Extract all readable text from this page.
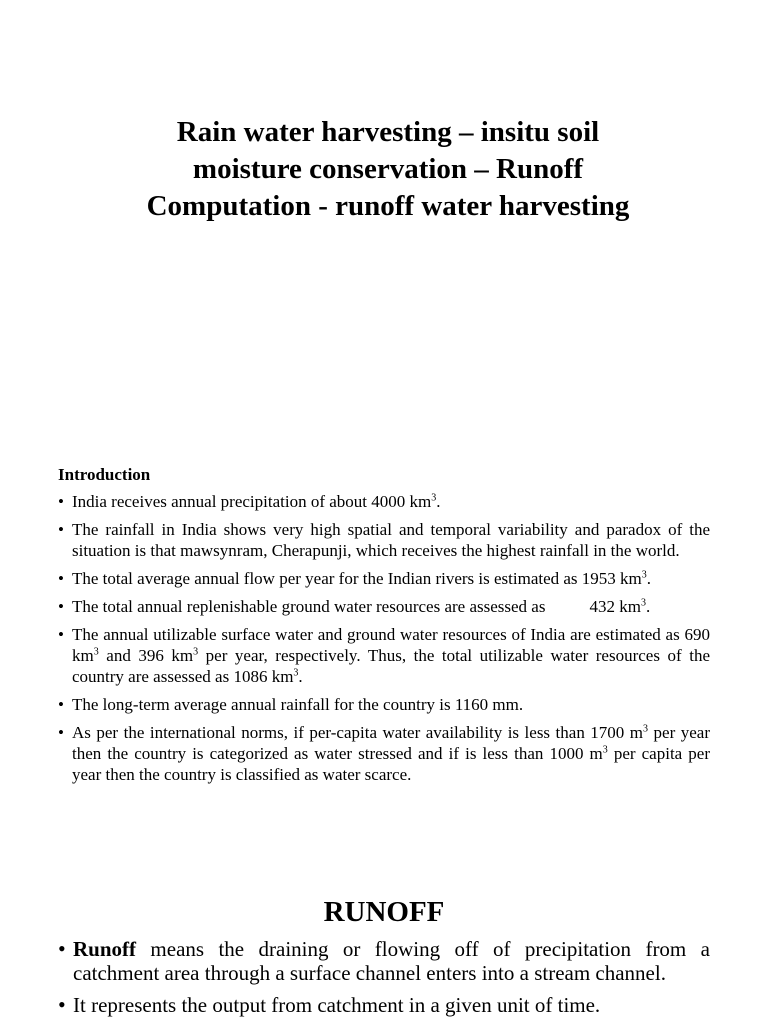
Rain water harvesting – insitu soil moisture conservation – Runoff Computation - runoff water harvesting
Introduction
• India receives annual precipitation of about 4000 $km^3$.
• The rainfall in India shows very high spatial and temporal variability and paradox of the situation is that mawsynram, Cherapunji, which receives the highest rainfall in the world.
• The total average annual flow per year for the Indian rivers is estimated as 1953 $km^3$.
• The total annual replenishable ground water resources are assessed as	432 $km^3$.
• The annual utilizable surface water and ground water resources of India are estimated as 690 $km^3$ and 396 $km^3$ per year, respectively. Thus, the total utilizable water resources of the country are assessed as 1086 $km^3$.
• The long-term average annual rainfall for the country is 1160 mm.
• As per the international norms, if per-capita water availability is less than 1700 $m^3$ per year then the country is categorized as water stressed and if is less than 1000 $m^3$ per capita per year then the country is classified as water scarce.
RUNOFF
• Runoff means the draining or flowing off of precipitation from a catchment area through a surface channel enters into a stream channel.
• It represents the output from catchment in a given unit of time.
